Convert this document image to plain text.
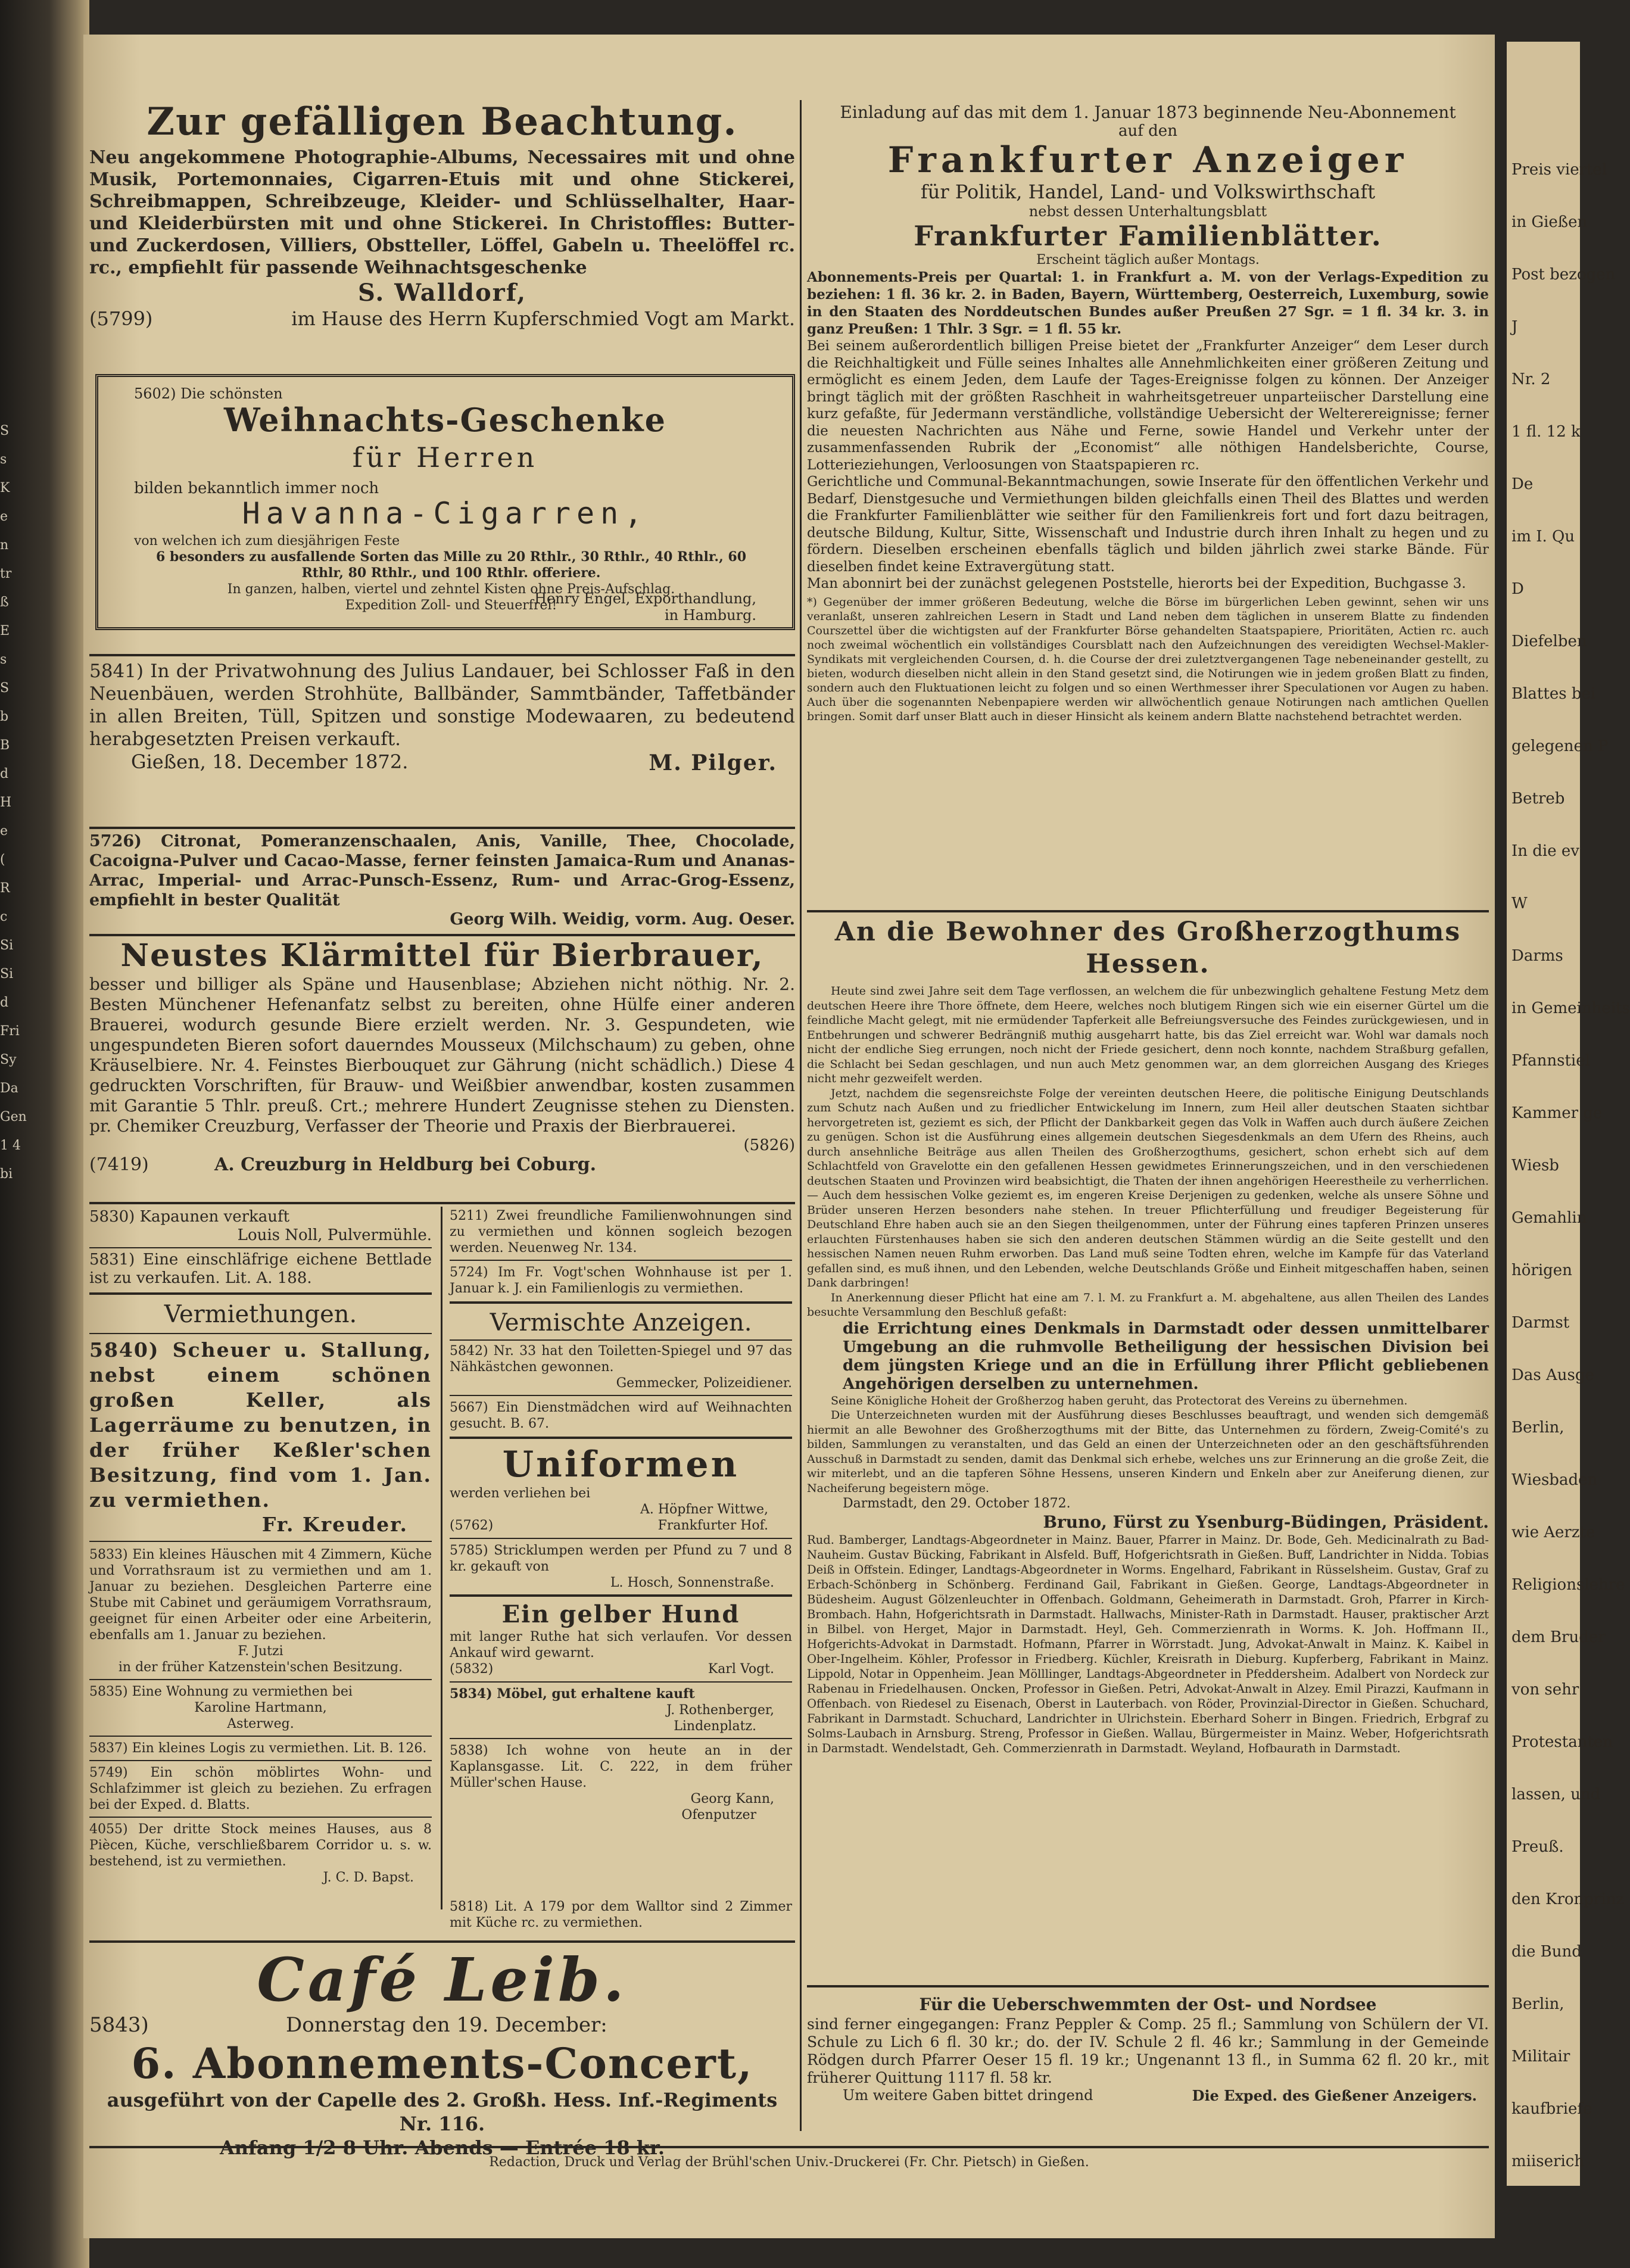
S
s
K
e
n
tr
ß
E
s
S
b
B
d
H
e
(
R
c
Si
Si
d
Fri
Sy
Da
Gen
1 4
bi
Zur gefälligen Beachtung.
Neu angekommene Photographie-Albums, Necessaires mit und ohne Musik, Portemonnaies, Cigarren-Etuis mit und ohne Stickerei, Schreibmappen, Schreibzeuge, Kleider- und Schlüsselhalter, Haar- und Kleiderbürsten mit und ohne Stickerei. In Christoffles: Butter- und Zuckerdosen, Villiers, Obstteller, Löffel, Gabeln u. Theelöffel rc. rc., empfiehlt für passende Weihnachtsgeschenke
S. Walldorf,
(5799)	im Hause des Herrn Kupferschmied Vogt am Markt.
5602) Die schönsten
Weihnachts-Geschenke
für Herren
bilden bekanntlich immer noch
Havanna-Cigarren,
von welchen ich zum diesjährigen Feste
6 besonders zu ausfallende Sorten das Mille zu 20 Rthlr., 30 Rthlr., 40 Rthlr., 60 Rthlr, 80 Rthlr., und 100 Rthlr. offeriere.
In ganzen, halben, viertel und zehntel Kisten ohne Preis-Aufschlag.
Expedition Zoll- und Steuerfrei!
Henry Engel, Exporthandlung,
in Hamburg.
5841) In der Privatwohnung des Julius Landauer, bei Schlosser Faß in den Neuenbäuen, werden Strohhüte, Ballbänder, Sammtbänder, Taffetbänder in allen Breiten, Tüll, Spitzen und sonstige Modewaaren, zu bedeutend herabgesetzten Preisen verkauft.
Gießen, 18. December 1872.	M. Pilger.
5726) Citronat, Pomeranzenschaalen, Anis, Vanille, Thee, Chocolade, Cacoigna-Pulver und Cacao-Masse, ferner feinsten Jamaica-Rum und Ananas-Arrac, Imperial- und Arrac-Punsch-Essenz, Rum- und Arrac-Grog-Essenz, empfiehlt in bester Qualität
Georg Wilh. Weidig, vorm. Aug. Oeser.
Neustes Klärmittel für Bierbrauer,
besser und billiger als Späne und Hausenblase; Abziehen nicht nöthig. Nr. 2. Besten Münchener Hefenanfatz selbst zu bereiten, ohne Hülfe einer anderen Brauerei, wodurch gesunde Biere erzielt werden. Nr. 3. Gespundeten, wie ungespundeten Bieren sofort dauerndes Mousseux (Milchschaum) zu geben, ohne Kräuselbiere. Nr. 4. Feinstes Bierbouquet zur Gährung (nicht schädlich.) Diese 4 gedruckten Vorschriften, für Brauw- und Weißbier anwendbar, kosten zusammen mit Garantie 5 Thlr. preuß. Crt.; mehrere Hundert Zeugnisse stehen zu Diensten. pr. Chemiker Creuzburg, Verfasser der Theorie und Praxis der Bierbrauerei.
(5826)
(7419)	A. Creuzburg in Heldburg bei Coburg.
5830) Kapaunen verkauft
Louis Noll, Pulvermühle.
5831) Eine einschläfrige eichene Bettlade ist zu verkaufen. Lit. A. 188.
Vermiethungen.
5840) Scheuer u. Stallung, nebst einem schönen großen Keller, als Lagerräume zu benutzen, in der früher Keßler'schen Besitzung, find vom 1. Jan. zu vermiethen.
Fr. Kreuder.
5833) Ein kleines Häuschen mit 4 Zimmern, Küche und Vorrathsraum ist zu vermiethen und am 1. Januar zu beziehen. Desgleichen Parterre eine Stube mit Cabinet und geräumigem Vorrathsraum, geeignet für einen Arbeiter oder eine Arbeiterin, ebenfalls am 1. Januar zu beziehen.
F. Jutzi
in der früher Katzenstein'schen Besitzung.
5835) Eine Wohnung zu vermiethen bei
Karoline Hartmann,
Asterweg.
5837) Ein kleines Logis zu vermiethen. Lit. B. 126.
5749) Ein schön möblirtes Wohn- und Schlafzimmer ist gleich zu beziehen. Zu erfragen bei der Exped. d. Blatts.
4055) Der dritte Stock meines Hauses, aus 8 Piècen, Küche, verschließbarem Corridor u. s. w. bestehend, ist zu vermiethen.
J. C. D. Bapst.
5211) Zwei freundliche Familienwohnungen sind zu vermiethen und können sogleich bezogen werden. Neuenweg Nr. 134.
5724) Im Fr. Vogt'schen Wohnhause ist per 1. Januar k. J. ein Familienlogis zu vermiethen.
Vermischte Anzeigen.
5842) Nr. 33 hat den Toiletten-Spiegel und 97 das Nähkästchen gewonnen.
Gemmecker, Polizeidiener.
5667) Ein Dienstmädchen wird auf Weihnachten gesucht. B. 67.
Uniformen
werden verliehen bei
A. Höpfner Wittwe,
(5762)	Frankfurter Hof.
5785) Stricklumpen werden per Pfund zu 7 und 8 kr. gekauft von
L. Hosch, Sonnenstraße.
Ein gelber Hund
mit langer Ruthe hat sich verlaufen. Vor dessen Ankauf wird gewarnt.
(5832)	Karl Vogt.
5834) Möbel, gut erhaltene kauft
J. Rothenberger,
Lindenplatz.
5838) Ich wohne von heute an in der Kaplansgasse. Lit. C. 222, in dem früher Müller'schen Hause.
Georg Kann,
Ofenputzer
5818) Lit. A 179 por dem Walltor sind 2 Zimmer mit Küche rc. zu vermiethen.
Café Leib.
5843)	Donnerstag den 19. December:
6. Abonnements-Concert,
ausgeführt von der Capelle des 2. Großh. Hess. Inf.-Regiments Nr. 116.
Anfang 1/2 8 Uhr. Abends — Entrée 18 kr.
Einladung auf das mit dem 1. Januar 1873 beginnende Neu-Abonnement
auf den
Frankfurter Anzeiger
für Politik, Handel, Land- und Volkswirthschaft
nebst dessen Unterhaltungsblatt
Frankfurter Familienblätter.
Erscheint täglich außer Montags.
Abonnements-Preis per Quartal: 1. in Frankfurt a. M. von der Verlags-Expedition zu beziehen: 1 fl. 36 kr. 2. in Baden, Bayern, Württemberg, Oesterreich, Luxemburg, sowie in den Staaten des Norddeutschen Bundes außer Preußen 27 Sgr. = 1 fl. 34 kr. 3. in ganz Preußen: 1 Thlr. 3 Sgr. = 1 fl. 55 kr.
Bei seinem außerordentlich billigen Preise bietet der „Frankfurter Anzeiger“ dem Leser durch die Reichhaltigkeit und Fülle seines Inhaltes alle Annehmlichkeiten einer größeren Zeitung und ermöglicht es einem Jeden, dem Laufe der Tages-Ereignisse folgen zu können. Der Anzeiger bringt täglich mit der größten Raschheit in wahrheitsgetreuer unparteiischer Darstellung eine kurz gefaßte, für Jedermann verständliche, vollständige Uebersicht der Welterereignisse; ferner die neuesten Nachrichten aus Nähe und Ferne, sowie Handel und Verkehr unter der zusammenfassenden Rubrik der „Economist“ alle nöthigen Handelsberichte, Course, Lotterieziehungen, Verloosungen von Staatspapieren rc.
Gerichtliche und Communal-Bekanntmachungen, sowie Inserate für den öffentlichen Verkehr und Bedarf, Dienstgesuche und Vermiethungen bilden gleichfalls einen Theil des Blattes und werden die Frankfurter Familienblätter wie seither für den Familienkreis fort und fort dazu beitragen, deutsche Bildung, Kultur, Sitte, Wissenschaft und Industrie durch ihren Inhalt zu hegen und zu fördern. Dieselben erscheinen ebenfalls täglich und bilden jährlich zwei starke Bände. Für dieselben findet keine Extravergütung statt.
Man abonnirt bei der zunächst gelegenen Poststelle, hierorts bei der Expedition, Buchgasse 3.
*) Gegenüber der immer größeren Bedeutung, welche die Börse im bürgerlichen Leben gewinnt, sehen wir uns veranlaßt, unseren zahlreichen Lesern in Stadt und Land neben dem täglichen in unserem Blatte zu findenden Courszettel über die wichtigsten auf der Frankfurter Börse gehandelten Staatspapiere, Prioritäten, Actien rc. auch noch zweimal wöchentlich ein vollständiges Coursblatt nach den Aufzeichnungen des vereidigten Wechsel-Makler-Syndikats mit vergleichenden Coursen, d. h. die Course der drei zuletztvergangenen Tage nebeneinander gestellt, zu bieten, wodurch dieselben nicht allein in den Stand gesetzt sind, die Notirungen wie in jedem großen Blatt zu finden, sondern auch den Fluktuationen leicht zu folgen und so einen Werthmesser ihrer Speculationen vor Augen zu haben. Auch über die sogenannten Nebenpapiere werden wir allwöchentlich genaue Notirungen nach amtlichen Quellen bringen. Somit darf unser Blatt auch in dieser Hinsicht als keinem andern Blatte nachstehend betrachtet werden.
An die Bewohner des Großherzogthums Hessen.
Heute sind zwei Jahre seit dem Tage verflossen, an welchem die für unbezwinglich gehaltene Festung Metz dem deutschen Heere ihre Thore öffnete, dem Heere, welches noch blutigem Ringen sich wie ein eiserner Gürtel um die feindliche Macht gelegt, mit nie ermüdender Tapferkeit alle Befreiungsversuche des Feindes zurückgewiesen, und in Entbehrungen und schwerer Bedrängniß muthig ausgeharrt hatte, bis das Ziel erreicht war. Wohl war damals noch nicht der endliche Sieg errungen, noch nicht der Friede gesichert, denn noch konnte, nachdem Straßburg gefallen, die Schlacht bei Sedan geschlagen, und nun auch Metz genommen war, an dem glorreichen Ausgang des Krieges nicht mehr gezweifelt werden.
Jetzt, nachdem die segensreichste Folge der vereinten deutschen Heere, die politische Einigung Deutschlands zum Schutz nach Außen und zu friedlicher Entwickelung im Innern, zum Heil aller deutschen Staaten sichtbar hervorgetreten ist, geziemt es sich, der Pflicht der Dankbarkeit gegen das Volk in Waffen auch durch äußere Zeichen zu genügen. Schon ist die Ausführung eines allgemein deutschen Siegesdenkmals an dem Ufern des Rheins, auch durch ansehnliche Beiträge aus allen Theilen des Großherzogthums, gesichert, schon erhebt sich auf dem Schlachtfeld von Gravelotte ein den gefallenen Hessen gewidmetes Erinnerungszeichen, und in den verschiedenen deutschen Staaten und Provinzen wird beabsichtigt, die Thaten der ihnen angehörigen Heerestheile zu verherrlichen. — Auch dem hessischen Volke geziemt es, im engeren Kreise Derjenigen zu gedenken, welche als unsere Söhne und Brüder unseren Herzen besonders nahe stehen. In treuer Pflichterfüllung und freudiger Begeisterung für Deutschland Ehre haben auch sie an den Siegen theilgenommen, unter der Führung eines tapferen Prinzen unseres erlauchten Fürstenhauses haben sie sich den anderen deutschen Stämmen würdig an die Seite gestellt und den hessischen Namen neuen Ruhm erworben. Das Land muß seine Todten ehren, welche im Kampfe für das Vaterland gefallen sind, es muß ihnen, und den Lebenden, welche Deutschlands Größe und Einheit mitgeschaffen haben, seinen Dank darbringen!
In Anerkennung dieser Pflicht hat eine am 7. l. M. zu Frankfurt a. M. abgehaltene, aus allen Theilen des Landes besuchte Versammlung den Beschluß gefaßt:
die Errichtung eines Denkmals in Darmstadt oder dessen unmittelbarer Umgebung an die ruhmvolle Betheiligung der hessischen Division bei dem jüngsten Kriege und an die in Erfüllung ihrer Pflicht gebliebenen Angehörigen derselben zu unternehmen.
Seine Königliche Hoheit der Großherzog haben geruht, das Protectorat des Vereins zu übernehmen.
Die Unterzeichneten wurden mit der Ausführung dieses Beschlusses beauftragt, und wenden sich demgemäß hiermit an alle Bewohner des Großherzogthums mit der Bitte, das Unternehmen zu fördern, Zweig-Comité's zu bilden, Sammlungen zu veranstalten, und das Geld an einen der Unterzeichneten oder an den geschäftsführenden Ausschuß in Darmstadt zu senden, damit das Denkmal sich erhebe, welches uns zur Erinnerung an die große Zeit, die wir miterlebt, und an die tapferen Söhne Hessens, unseren Kindern und Enkeln aber zur Aneiferung dienen, zur Nacheiferung begeistern möge.
Darmstadt, den 29. October 1872.
Bruno, Fürst zu Ysenburg-Büdingen, Präsident.
Rud. Bamberger, Landtags-Abgeordneter in Mainz. Bauer, Pfarrer in Mainz. Dr. Bode, Geh. Medicinalrath zu Bad-Nauheim. Gustav Bücking, Fabrikant in Alsfeld. Buff, Hofgerichtsrath in Gießen. Buff, Landrichter in Nidda. Tobias Deiß in Offstein. Edinger, Landtags-Abgeordneter in Worms. Engelhard, Fabrikant in Rüsselsheim. Gustav, Graf zu Erbach-Schönberg in Schönberg. Ferdinand Gail, Fabrikant in Gießen. George, Landtags-Abgeordneter in Büdesheim. August Gölzenleuchter in Offenbach. Goldmann, Geheimerath in Darmstadt. Groh, Pfarrer in Kirch-Brombach. Hahn, Hofgerichtsrath in Darmstadt. Hallwachs, Minister-Rath in Darmstadt. Hauser, praktischer Arzt in Bilbel. von Herget, Major in Darmstadt. Heyl, Geh. Commerzienrath in Worms. K. Joh. Hoffmann II., Hofgerichts-Advokat in Darmstadt. Hofmann, Pfarrer in Wörrstadt. Jung, Advokat-Anwalt in Mainz. K. Kaibel in Ober-Ingelheim. Köhler, Professor in Friedberg. Küchler, Kreisrath in Dieburg. Kupferberg, Fabrikant in Mainz. Lippold, Notar in Oppenheim. Jean Mölllinger, Landtags-Abgeordneter in Pfeddersheim. Adalbert von Nordeck zur Rabenau in Friedelhausen. Oncken, Professor in Gießen. Petri, Advokat-Anwalt in Alzey. Emil Pirazzi, Kaufmann in Offenbach. von Riedesel zu Eisenach, Oberst in Lauterbach. von Röder, Provinzial-Director in Gießen. Schuchard, Fabrikant in Darmstadt. Schuchard, Landrichter in Ulrichstein. Eberhard Soherr in Bingen. Friedrich, Erbgraf zu Solms-Laubach in Arnsburg. Streng, Professor in Gießen. Wallau, Bürgermeister in Mainz. Weber, Hofgerichtsrath in Darmstadt. Wendelstadt, Geh. Commerzienrath in Darmstadt. Weyland, Hofbaurath in Darmstadt.
Für die Ueberschwemmten der Ost- und Nordsee
sind ferner eingegangen: Franz Peppler & Comp. 25 fl.; Sammlung von Schülern der VI. Schule zu Lich 6 fl. 30 kr.; do. der IV. Schule 2 fl. 46 kr.; Sammlung in der Gemeinde Rödgen durch Pfarrer Oeser 15 fl. 19 kr.; Ungenannt 13 fl., in Summa 62 fl. 20 kr., mit früherer Quittung 1117 fl. 58 kr.
Um weitere Gaben bittet dringend	Die Exped. des Gießener Anzeigers.
Redaction, Druck und Verlag der Brühl'schen Univ.-Druckerei (Fr. Chr. Pietsch) in Gießen.
Preis viertel
in Gießen
Post bezogen
J
Nr. 2
1 fl. 12 k
De
im I. Qu
D
Diefelben
Blattes bei
gelegenen P
Betreb
In die ev
W
Darms
in Gemeinheits
Pfannstiel
Kammer ge
Wiesb
Gemahlin
hörigen
Darmst
Das Ausge
Berlin,
Wiesbaden
wie Aerzte
Religionslehre
dem Bruder
von sehr
Protestanten
lassen, und
Preuß.
den Kronprinz
die Bund
Berlin,
Militair
kaufbriefe
miiserich
